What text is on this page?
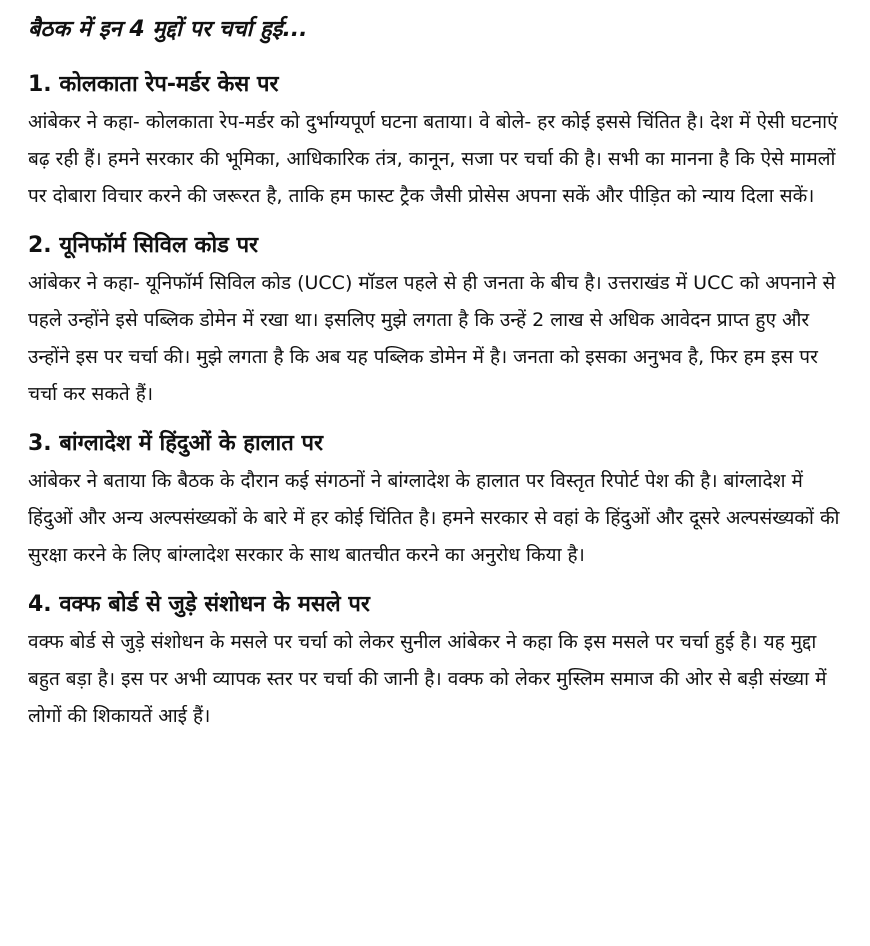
बैठक में इन 4 मुद्दों पर चर्चा हुई...

1. कोलकाता रेप-मर्डर केस पर

आंबेकर ने कहा- कोलकाता रेप-मर्डर को दुर्भाग्यपूर्ण घटना बताया। वे बोले- हर कोई इससे चिंतित है। देश में ऐसी घटनाएं बढ़ रही हैं। हमने सरकार की भूमिका, आधिकारिक तंत्र, कानून, सजा पर चर्चा की है। सभी का मानना है कि ऐसे मामलों पर दोबारा विचार करने की जरूरत है, ताकि हम फास्ट ट्रैक जैसी प्रोसेस अपना सकें और पीड़ित को न्याय दिला सकें।

2. यूनिफॉर्म सिविल कोड पर

आंबेकर ने कहा- यूनिफॉर्म सिविल कोड (UCC) मॉडल पहले से ही जनता के बीच है। उत्तराखंड में UCC को अपनाने से पहले उन्होंने इसे पब्लिक डोमेन में रखा था। इसलिए मुझे लगता है कि उन्हें 2 लाख से अधिक आवेदन प्राप्त हुए और उन्होंने इस पर चर्चा की। मुझे लगता है कि अब यह पब्लिक डोमेन में है। जनता को इसका अनुभव है, फिर हम इस पर चर्चा कर सकते हैं।

3. बांग्लादेश में हिंदुओं के हालात पर

आंबेकर ने बताया कि बैठक के दौरान कई संगठनों ने बांग्लादेश के हालात पर विस्तृत रिपोर्ट पेश की है। बांग्लादेश में हिंदुओं और अन्य अल्पसंख्यकों के बारे में हर कोई चिंतित है। हमने सरकार से वहां के हिंदुओं और दूसरे अल्पसंख्यकों की सुरक्षा करने के लिए बांग्लादेश सरकार के साथ बातचीत करने का अनुरोध किया है।

4. वक्फ बोर्ड से जुड़े संशोधन के मसले पर

वक्फ बोर्ड से जुड़े संशोधन के मसले पर चर्चा को लेकर सुनील आंबेकर ने कहा कि इस मसले पर चर्चा हुई है। यह मुद्दा बहुत बड़ा है। इस पर अभी व्यापक स्तर पर चर्चा की जानी है। वक्फ को लेकर मुस्लिम समाज की ओर से बड़ी संख्या में लोगों की शिकायतें आई हैं।
